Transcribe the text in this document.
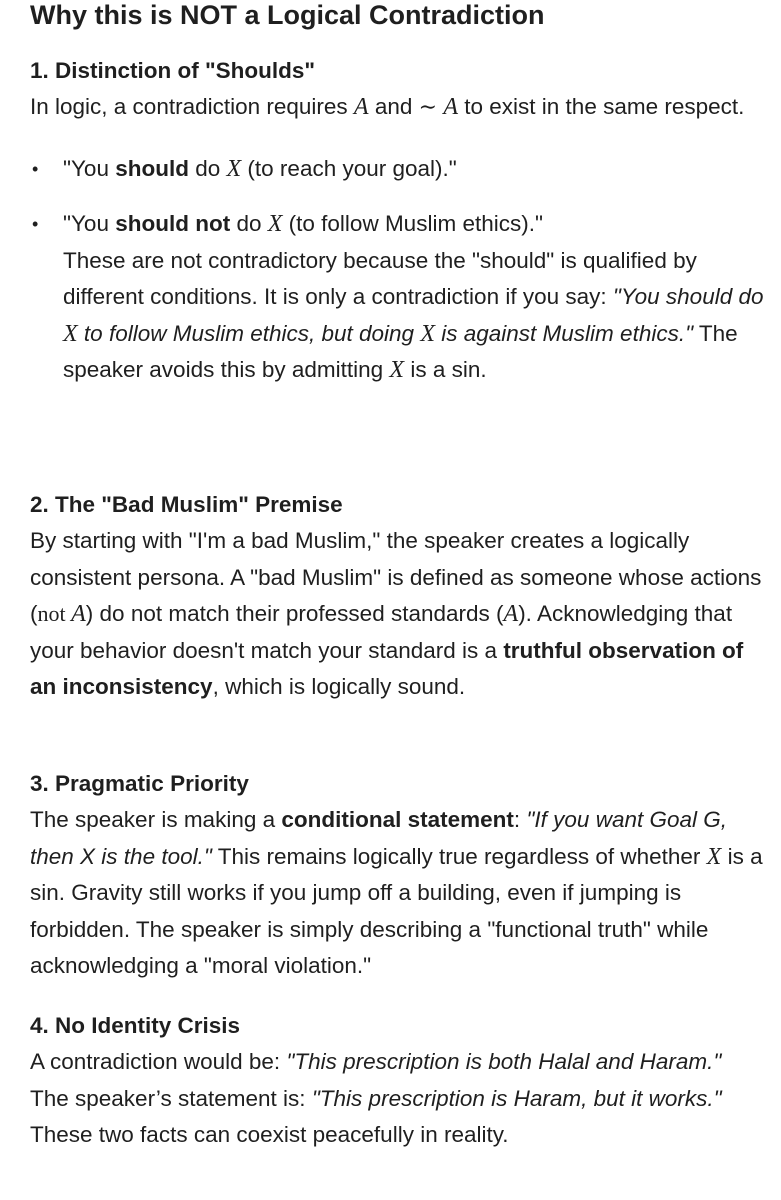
Why this is NOT a Logical Contradiction
1. Distinction of "Shoulds"
In logic, a contradiction requires A and ∼ A to exist in the same respect.
• "You should do X (to reach your goal)."
• "You should not do X (to follow Muslim ethics)."
These are not contradictory because the "should" is qualified by different conditions. It is only a contradiction if you say: "You should do X to follow Muslim ethics, but doing X is against Muslim ethics." The speaker avoids this by admitting X is a sin.
2. The "Bad Muslim" Premise
By starting with "I'm a bad Muslim," the speaker creates a logically consistent persona. A "bad Muslim" is defined as someone whose actions (not A) do not match their professed standards (A). Acknowledging that your behavior doesn't match your standard is a truthful observation of an inconsistency, which is logically sound.
3. Pragmatic Priority
The speaker is making a conditional statement: "If you want Goal G, then X is the tool." This remains logically true regardless of whether X is a sin. Gravity still works if you jump off a building, even if jumping is forbidden. The speaker is simply describing a "functional truth" while acknowledging a "moral violation."
4. No Identity Crisis
A contradiction would be: "This prescription is both Halal and Haram."
The speaker’s statement is: "This prescription is Haram, but it works." These two facts can coexist peacefully in reality.
